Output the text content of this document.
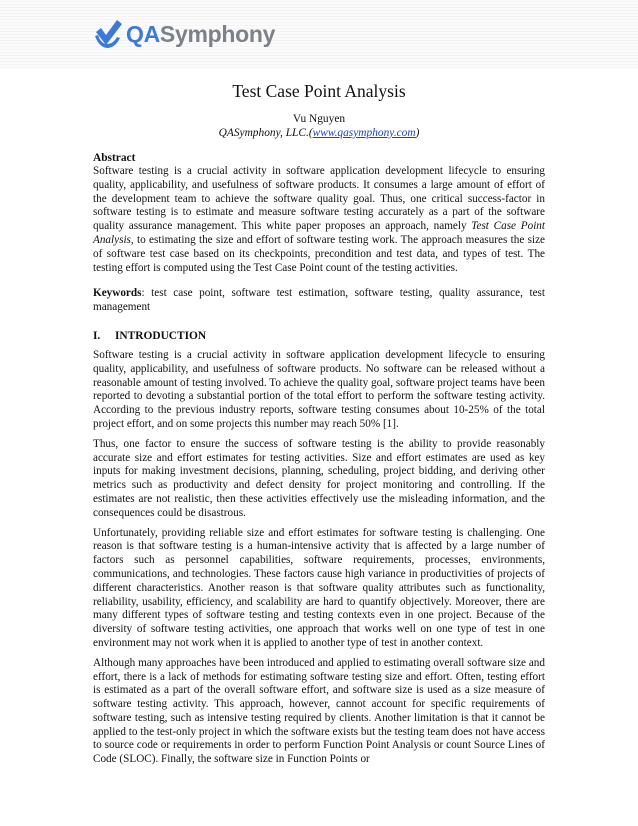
QASymphony
Test Case Point Analysis
Vu Nguyen
QASymphony, LLC.(www.qasymphony.com)
Abstract

Software testing is a crucial activity in software application development lifecycle to ensuring quality, applicability, and usefulness of software products. It consumes a large amount of effort of the development team to achieve the software quality goal. Thus, one critical success-factor in software testing is to estimate and measure software testing accurately as a part of the software quality assurance management. This white paper proposes an approach, namely Test Case Point Analysis, to estimating the size and effort of software testing work. The approach measures the size of software test case based on its checkpoints, precondition and test data, and types of test. The testing effort is computed using the Test Case Point count of the testing activities.

Keywords: test case point, software test estimation, software testing, quality assurance, test management

I. INTRODUCTION

Software testing is a crucial activity in software application development lifecycle to ensuring quality, applicability, and usefulness of software products. No software can be released without a reasonable amount of testing involved. To achieve the quality goal, software project teams have been reported to devoting a substantial portion of the total effort to perform the software testing activity. According to the previous industry reports, software testing consumes about 10-25% of the total project effort, and on some projects this number may reach 50% [1].

Thus, one factor to ensure the success of software testing is the ability to provide reasonably accurate size and effort estimates for testing activities. Size and effort estimates are used as key inputs for making investment decisions, planning, scheduling, project bidding, and deriving other metrics such as productivity and defect density for project monitoring and controlling. If the estimates are not realistic, then these activities effectively use the misleading information, and the consequences could be disastrous.

Unfortunately, providing reliable size and effort estimates for software testing is challenging. One reason is that software testing is a human-intensive activity that is affected by a large number of factors such as personnel capabilities, software requirements, processes, environments, communications, and technologies. These factors cause high variance in productivities of projects of different characteristics. Another reason is that software quality attributes such as functionality, reliability, usability, efficiency, and scalability are hard to quantify objectively. Moreover, there are many different types of software testing and testing contexts even in one project. Because of the diversity of software testing activities, one approach that works well on one type of test in one environment may not work when it is applied to another type of test in another context.

Although many approaches have been introduced and applied to estimating overall software size and effort, there is a lack of methods for estimating software testing size and effort. Often, testing effort is estimated as a part of the overall software effort, and software size is used as a size measure of software testing activity. This approach, however, cannot account for specific requirements of software testing, such as intensive testing required by clients. Another limitation is that it cannot be applied to the test-only project in which the software exists but the testing team does not have access to source code or requirements in order to perform Function Point Analysis or count Source Lines of Code (SLOC). Finally, the software size in Function Points or
